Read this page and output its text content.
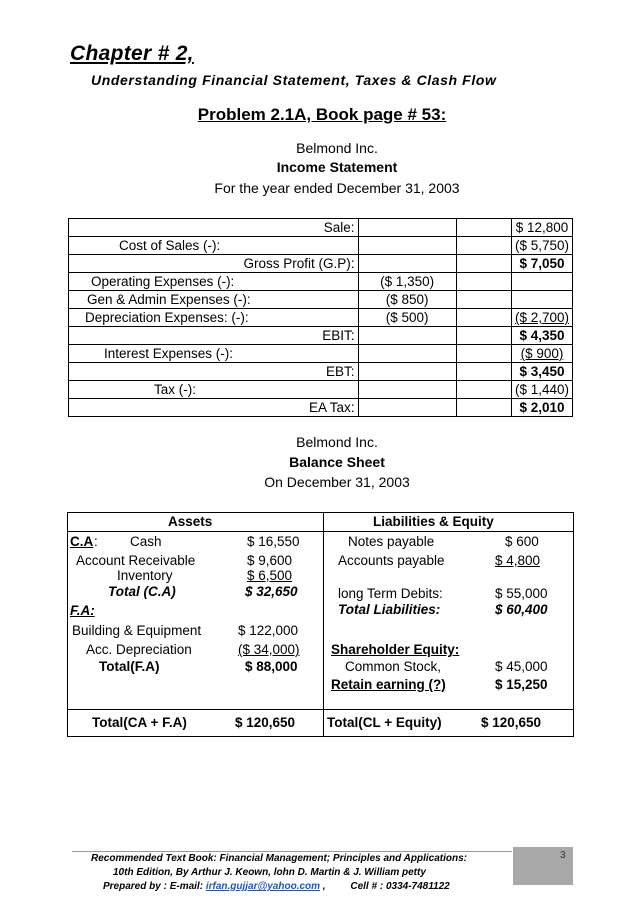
Chapter # 2,
Understanding Financial Statement, Taxes & Clash Flow
Problem 2.1A, Book page # 53:
Belmond Inc.
Income Statement
For the year ended December 31, 2003
Sale:			$ 12,800
Cost of Sales (-):			($ 5,750)
Gross Profit (G.P):			$ 7,050
Operating Expenses (-):	($ 1,350)		
Gen & Admin Expenses (-):	($ 850)		
Depreciation Expenses: (-):	($ 500)		($ 2,700)
EBIT:			$ 4,350
Interest Expenses (-):			($ 900)
EBT:			$ 3,450
Tax (-):			($ 1,440)
EA Tax:			$ 2,010
Belmond Inc.
Balance Sheet
On December 31, 2003
Assets	Liabilities & Equity
C.A : Cash	$ 16,550	Notes payable	$ 600
Account Receivable	$ 9,600	Accounts payable	$ 4,800
Inventory	$ 6,500
Total (C.A)	$ 32,650	long Term Debits:	$ 55,000
F.A:	Total Liabilities:	$ 60,400
Building & Equipment	$ 122,000
Acc. Depreciation	($ 34,000) Shareholder Equity:
Total(F.A)	$ 88,000	Common Stock,	$ 45,000
Retain earning (?)	$ 15,250
Total(CA + F.A)	$ 120,650 Total(CL + Equity)	$ 120,650
3
Recommended Text Book: Financial Management; Principles and Applications:
10th Edition, By Arthur J. Keown, lohn D. Martin & J. William petty
Prepared by : E-mail: irfan.gujjar@yahoo.com , Cell # : 0334-7481122
